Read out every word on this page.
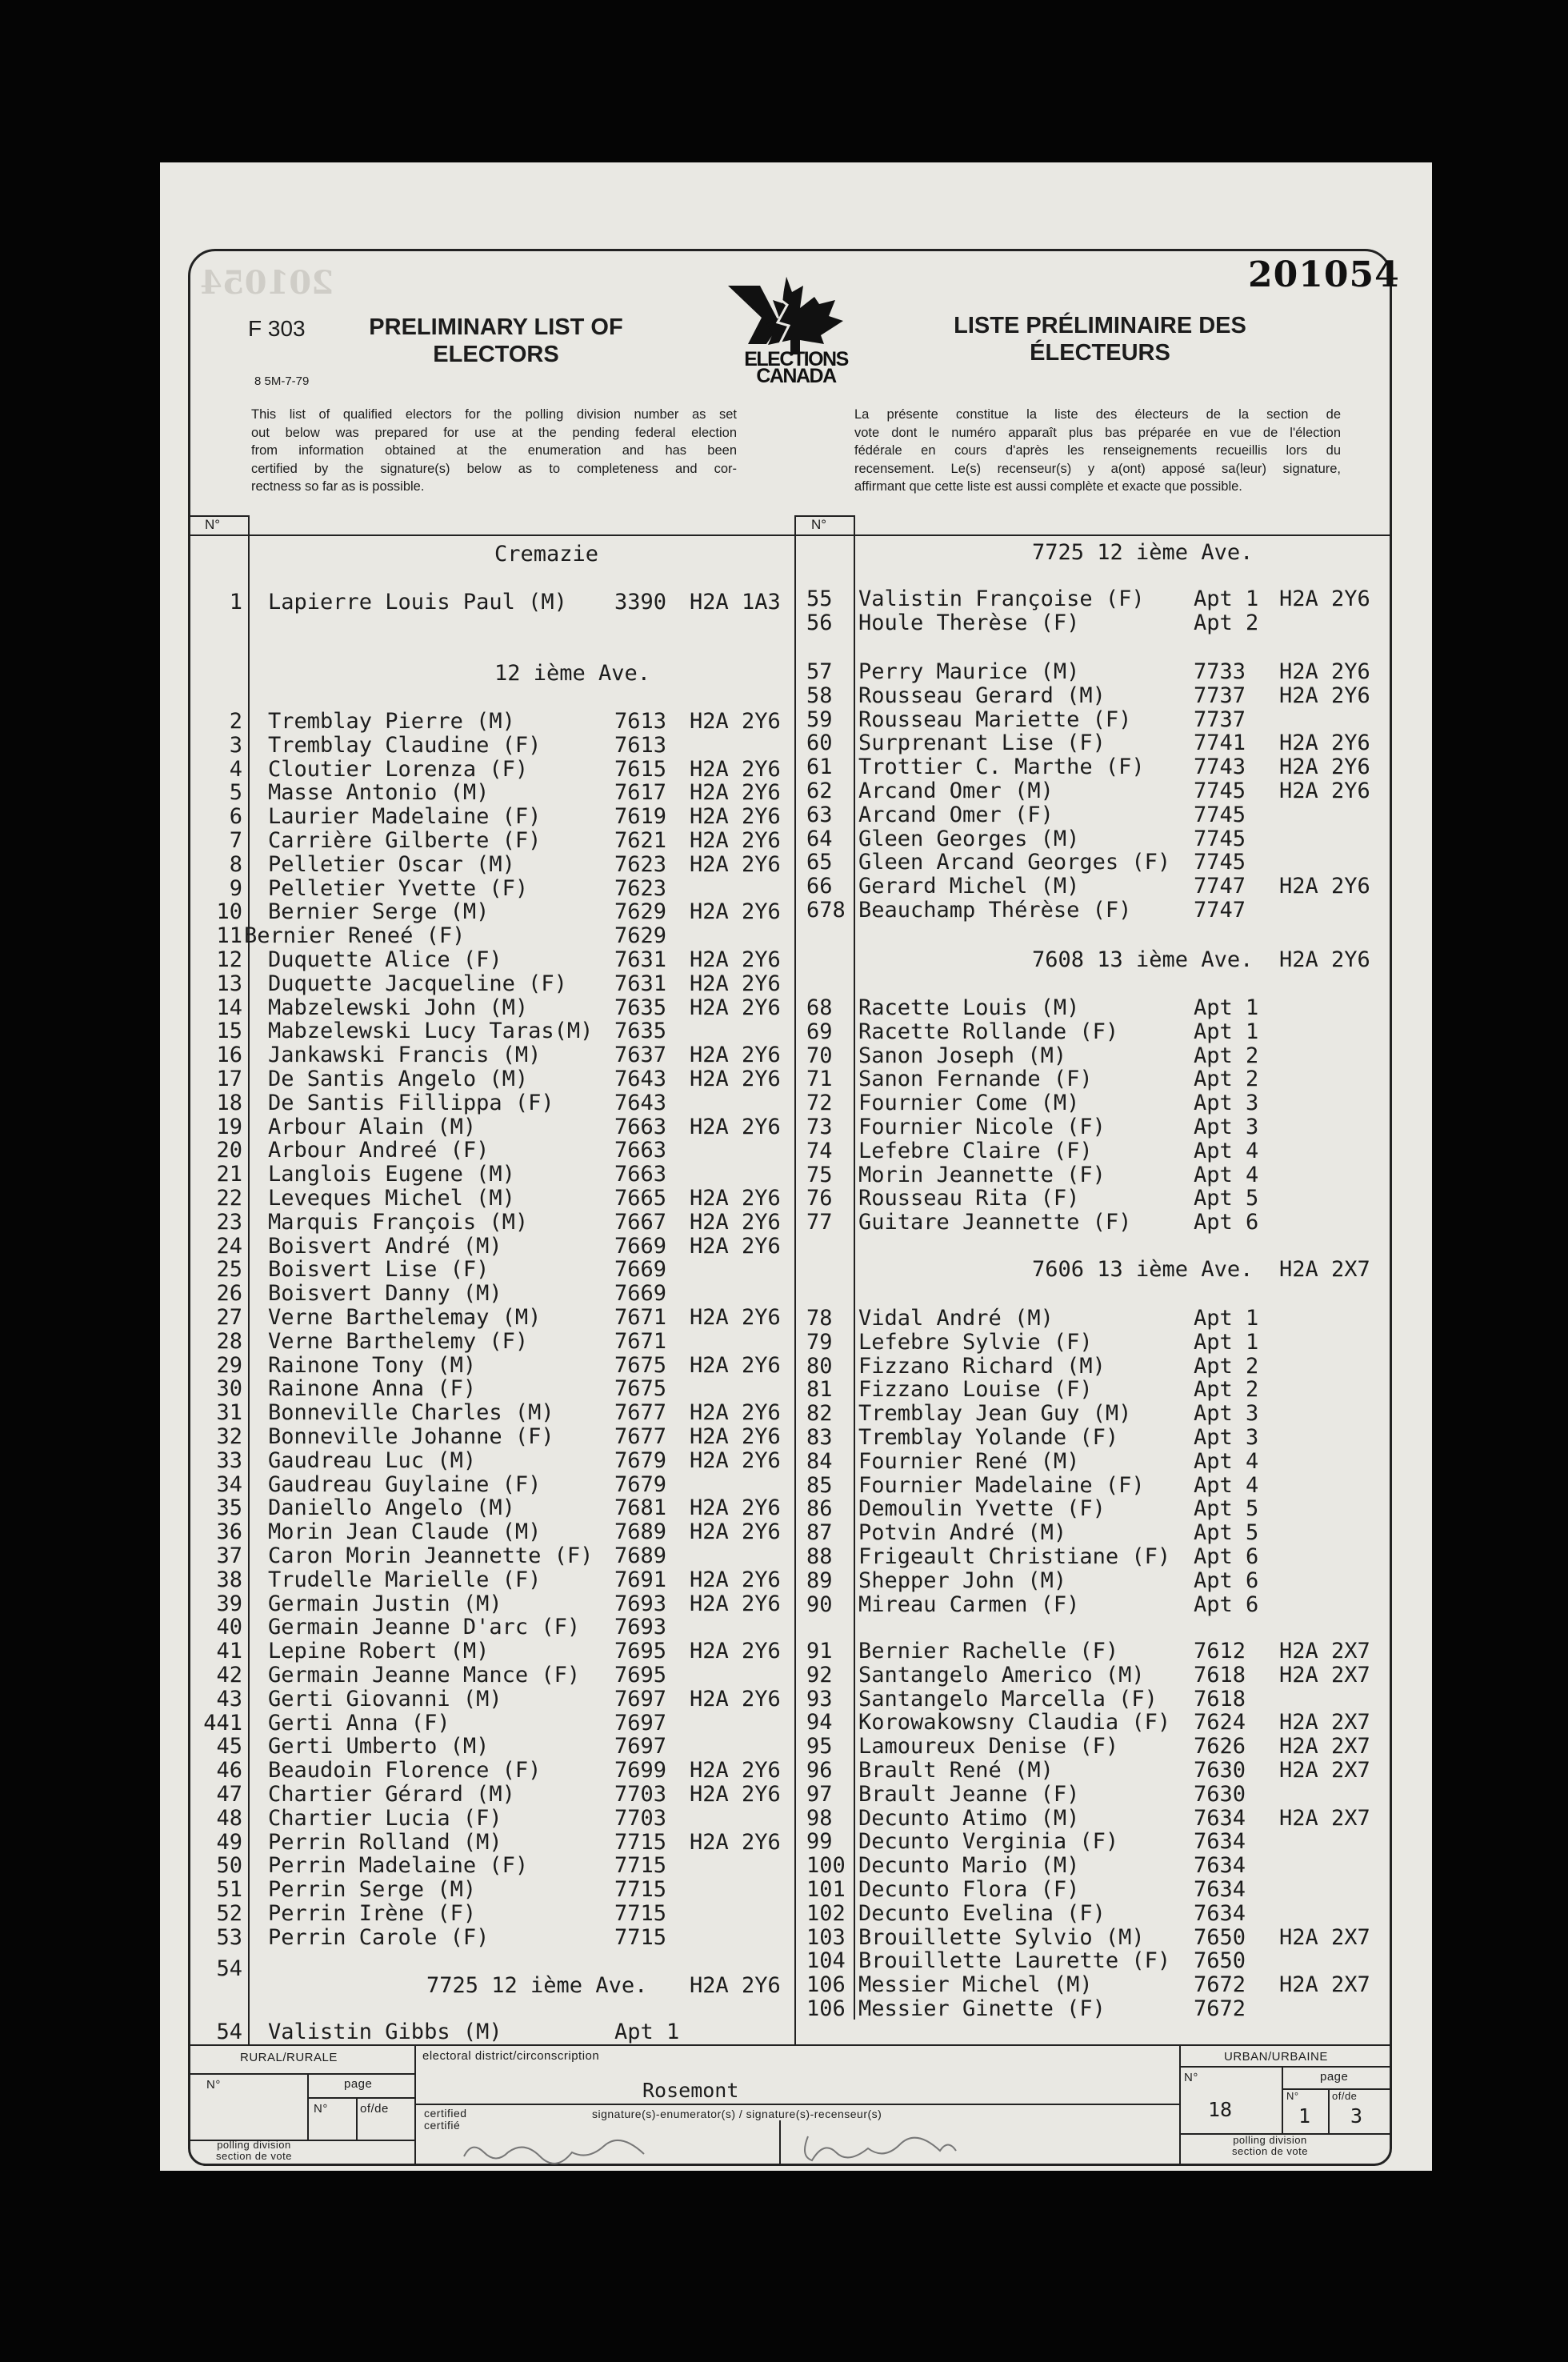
201054	201054
F 303
8 5M-7-79
PRELIMINARY LIST OF
ELECTORS
LISTE PRÉLIMINAIRE DES
ÉLECTEURS
ELECTIONS
CANADA
This list of qualified electors for the polling division number as set
out below was prepared for use at the pending federal election
from information obtained at the enumeration and has been
certified by the signature(s) below as to completeness and cor-
rectness so far as is possible.
La présente constitue la liste des électeurs de la section de
vote dont le numéro apparaît plus bas préparée en vue de l'élection
fédérale en cours d'après les renseignements recueillis lors du
recensement. Le(s) recenseur(s) y a(ont) apposé sa(leur) signature,
affirmant que cette liste est aussi complète et exacte que possible.
N°	N°
Cremazie
1 Lapierre Louis Paul (M) 3390 H2A 1A3
12 ième Ave.
2 Tremblay Pierre (M)	7613 H2A 2Y6
3 Tremblay Claudine (F)	7613
4 Cloutier Lorenza (F)	7615 H2A 2Y6
5 Masse Antonio (M)	7617 H2A 2Y6
6 Laurier Madelaine (F)	7619 H2A 2Y6
7 Carrière Gilberte (F)	7621 H2A 2Y6
8 Pelletier Oscar (M)	7623 H2A 2Y6
9 Pelletier Yvette (F)	7623
10 Bernier Serge (M)	7629 H2A 2Y6
11 Bernier Reneé (F)	7629
12 Duquette Alice (F)	7631 H2A 2Y6
13 Duquette Jacqueline (F) 7631 H2A 2Y6
14 Mabzelewski John (M)	7635 H2A 2Y6
15 Mabzelewski Lucy Taras(M) 7635
16 Jankawski Francis (M)	7637 H2A 2Y6
17 De Santis Angelo (M)	7643 H2A 2Y6
18 De Santis Fillippa (F)	7643
19 Arbour Alain (M)	7663 H2A 2Y6
20 Arbour Andreé (F)	7663
21 Langlois Eugene (M)	7663
22 Leveques Michel (M)	7665 H2A 2Y6
23 Marquis François (M)	7667 H2A 2Y6
24 Boisvert André (M)	7669 H2A 2Y6
25 Boisvert Lise (F)	7669
26 Boisvert Danny (M)	7669
27 Verne Barthelemay (M)	7671 H2A 2Y6
28 Verne Barthelemy (F)	7671
29 Rainone Tony (M)	7675 H2A 2Y6
30 Rainone Anna (F)	7675
31 Bonneville Charles (M)	7677 H2A 2Y6
32 Bonneville Johanne (F)	7677 H2A 2Y6
33 Gaudreau Luc (M)	7679 H2A 2Y6
34 Gaudreau Guylaine (F)	7679
35 Daniello Angelo (M)	7681 H2A 2Y6
36 Morin Jean Claude (M)	7689 H2A 2Y6
37 Caron Morin Jeannette (F) 7689
38 Trudelle Marielle (F)	7691 H2A 2Y6
39 Germain Justin (M)	7693 H2A 2Y6
40 Germain Jeanne D'arc (F) 7693
41 Lepine Robert (M)	7695 H2A 2Y6
42 Germain Jeanne Mance (F) 7695
43 Gerti Giovanni (M)	7697 H2A 2Y6
441 Gerti Anna (F)	7697
45 Gerti Umberto (M)	7697
46 Beaudoin Florence (F)	7699 H2A 2Y6
47 Chartier Gérard (M)	7703 H2A 2Y6
48 Chartier Lucia (F)	7703
49 Perrin Rolland (M)	7715 H2A 2Y6
50 Perrin Madelaine (F)	7715
51 Perrin Serge (M)	7715
52 Perrin Irène (F)	7715
53 Perrin Carole (F)	7715
54
7725 12 ième Ave. H2A 2Y6
54 Valistin Gibbs (M)	Apt 1
7725 12 ième Ave.
55 Valistin Françoise (F) Apt 1 H2A 2Y6
56 Houle Therèse (F)	Apt 2
57 Perry Maurice (M)	7733 H2A 2Y6
58 Rousseau Gerard (M)	7737 H2A 2Y6
59 Rousseau Mariette (F)	7737
60 Surprenant Lise (F)	7741 H2A 2Y6
61 Trottier C. Marthe (F) 7743 H2A 2Y6
62 Arcand Omer (M)	7745 H2A 2Y6
63 Arcand Omer (F)	7745
64 Gleen Georges (M)	7745
65 Gleen Arcand Georges (F) 7745
66 Gerard Michel (M)	7747 H2A 2Y6
678 Beauchamp Thérèse (F)	7747
7608 13 ième Ave. H2A 2Y6
68 Racette Louis (M)	Apt 1
69 Racette Rollande (F)	Apt 1
70 Sanon Joseph (M)	Apt 2
71 Sanon Fernande (F)	Apt 2
72 Fournier Come (M)	Apt 3
73 Fournier Nicole (F)	Apt 3
74 Lefebre Claire (F)	Apt 4
75 Morin Jeannette (F)	Apt 4
76 Rousseau Rita (F)	Apt 5
77 Guitare Jeannette (F)	Apt 6
7606 13 ième Ave. H2A 2X7
78 Vidal André (M)	Apt 1
79 Lefebre Sylvie (F)	Apt 1
80 Fizzano Richard (M)	Apt 2
81 Fizzano Louise (F)	Apt 2
82 Tremblay Jean Guy (M)	Apt 3
83 Tremblay Yolande (F)	Apt 3
84 Fournier René (M)	Apt 4
85 Fournier Madelaine (F) Apt 4
86 Demoulin Yvette (F)	Apt 5
87 Potvin André (M)	Apt 5
88 Frigeault Christiane (F) Apt 6
89 Shepper John (M)	Apt 6
90 Mireau Carmen (F)	Apt 6
91 Bernier Rachelle (F)	7612 H2A 2X7
92 Santangelo Americo (M) 7618 H2A 2X7
93 Santangelo Marcella (F) 7618
94 Korowakowsny Claudia (F) 7624 H2A 2X7
95 Lamoureux Denise (F)	7626 H2A 2X7
96 Brault René (M)	7630 H2A 2X7
97 Brault Jeanne (F)	7630
98 Decunto Atimo (M)	7634 H2A 2X7
99 Decunto Verginia (F)	7634
100 Decunto Mario (M)	7634
101 Decunto Flora (F)	7634
102 Decunto Evelina (F)	7634
103 Brouillette Sylvio (M) 7650 H2A 2X7
104 Brouillette Laurette (F) 7650
106 Messier Michel (M)	7672 H2A 2X7
106 Messier Ginette (F)	7672
RURAL/RURALE
N°	page
N°	of/de
polling division
section de vote
electoral district/circonscription
Rosemont
certified
certifié
signature(s)-enumerator(s) / signature(s)-recenseur(s)
URBAN/URBAINE
N°
18
page
N°
1
of/de
3
polling division
section de vote
